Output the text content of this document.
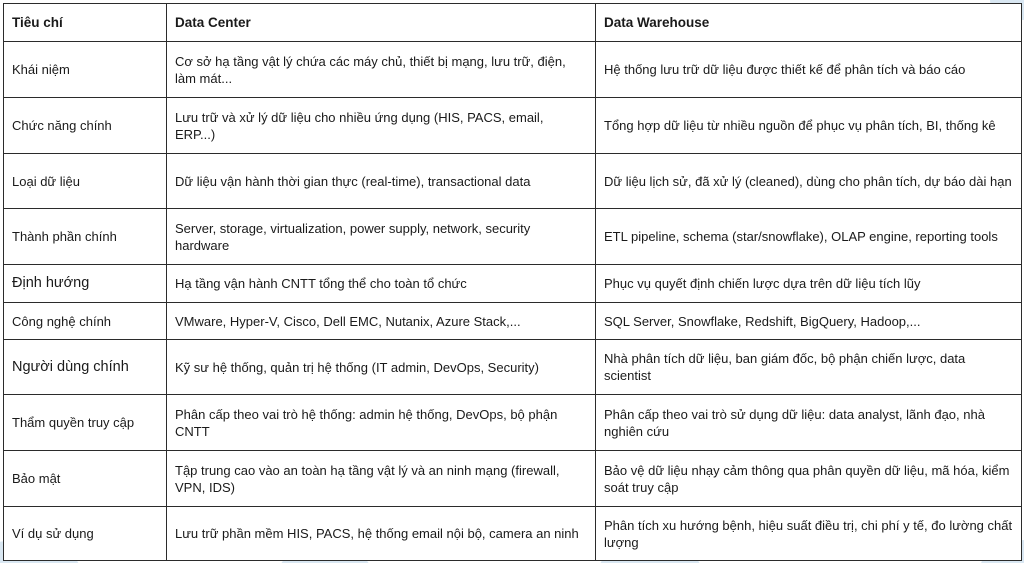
Tiêu chí	Data Center	Data Warehouse
Khái niệm	Cơ sở hạ tầng vật lý chứa các máy chủ, thiết bị mạng, lưu trữ, điện, làm mát...	Hệ thống lưu trữ dữ liệu được thiết kế để phân tích và báo cáo
Chức năng chính	Lưu trữ và xử lý dữ liệu cho nhiều ứng dụng (HIS, PACS, email, ERP...)	Tổng hợp dữ liệu từ nhiều nguồn để phục vụ phân tích, BI, thống kê
Loại dữ liệu	Dữ liệu vận hành thời gian thực (real-time), transactional data	Dữ liệu lịch sử, đã xử lý (cleaned), dùng cho phân tích, dự báo dài hạn
Thành phần chính	Server, storage, virtualization, power supply, network, security hardware	ETL pipeline, schema (star/snowflake), OLAP engine, reporting tools
Định hướng	Hạ tầng vận hành CNTT tổng thể cho toàn tổ chức	Phục vụ quyết định chiến lược dựa trên dữ liệu tích lũy
Công nghệ chính	VMware, Hyper-V, Cisco, Dell EMC, Nutanix, Azure Stack,...	SQL Server, Snowflake, Redshift, BigQuery, Hadoop,...
Người dùng chính	Kỹ sư hệ thống, quản trị hệ thống (IT admin, DevOps, Security)	Nhà phân tích dữ liệu, ban giám đốc, bộ phận chiến lược, data scientist
Thẩm quyền truy cập	Phân cấp theo vai trò hệ thống: admin hệ thống, DevOps, bộ phận CNTT	Phân cấp theo vai trò sử dụng dữ liệu: data analyst, lãnh đạo, nhà nghiên cứu
Bảo mật	Tập trung cao vào an toàn hạ tầng vật lý và an ninh mạng (firewall, VPN, IDS)	Bảo vệ dữ liệu nhạy cảm thông qua phân quyền dữ liệu, mã hóa, kiểm soát truy cập
Ví dụ sử dụng	Lưu trữ phần mềm HIS, PACS, hệ thống email nội bộ, camera an ninh	Phân tích xu hướng bệnh, hiệu suất điều trị, chi phí y tế, đo lường chất lượng
